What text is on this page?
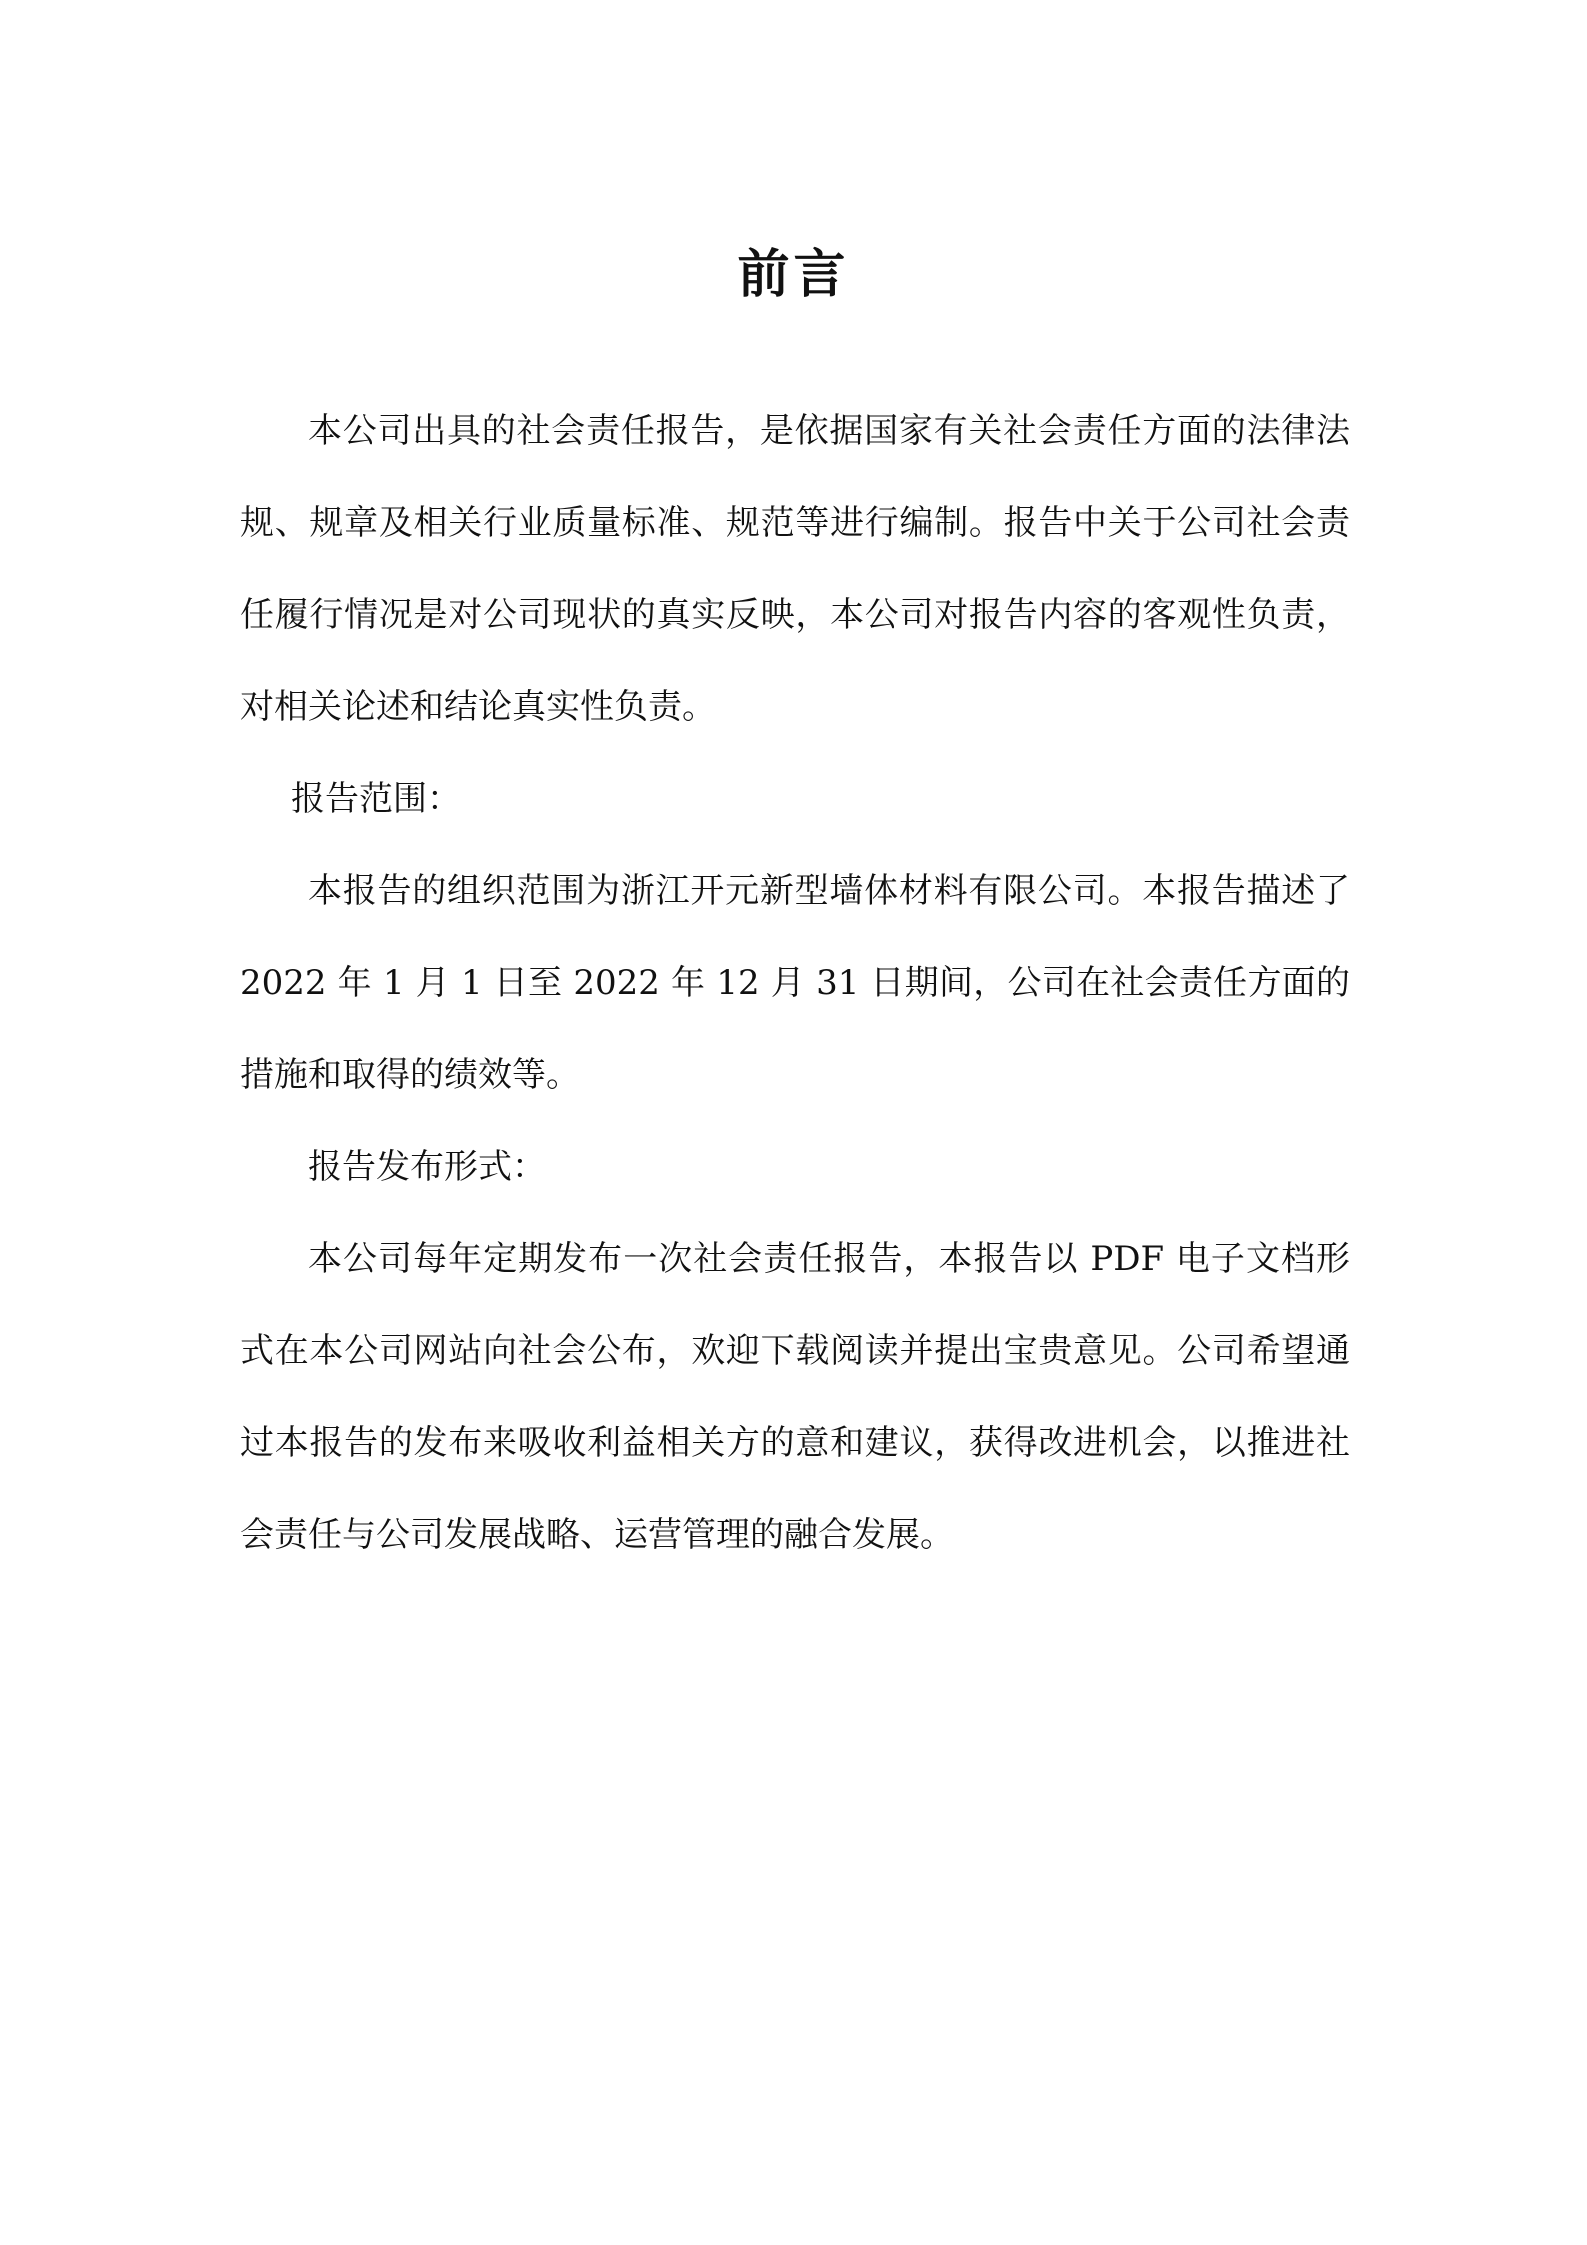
前言

本公司出具的社会责任报告，是依据国家有关社会责任方面的法律法规、规章及相关行业质量标准、规范等进行编制。报告中关于公司社会责任履行情况是对公司现状的真实反映，本公司对报告内容的客观性负责，对相关论述和结论真实性负责。

报告范围：

本报告的组织范围为浙江开元新型墙体材料有限公司。本报告描述了 2022 年 1 月 1 日至 2022 年 12 月 31 日期间，公司在社会责任方面的措施和取得的绩效等。

报告发布形式：

本公司每年定期发布一次社会责任报告，本报告以 PDF 电子文档形式在本公司网站向社会公布，欢迎下载阅读并提出宝贵意见。公司希望通过本报告的发布来吸收利益相关方的意和建议，获得改进机会，以推进社会责任与公司发展战略、运营管理的融合发展。
